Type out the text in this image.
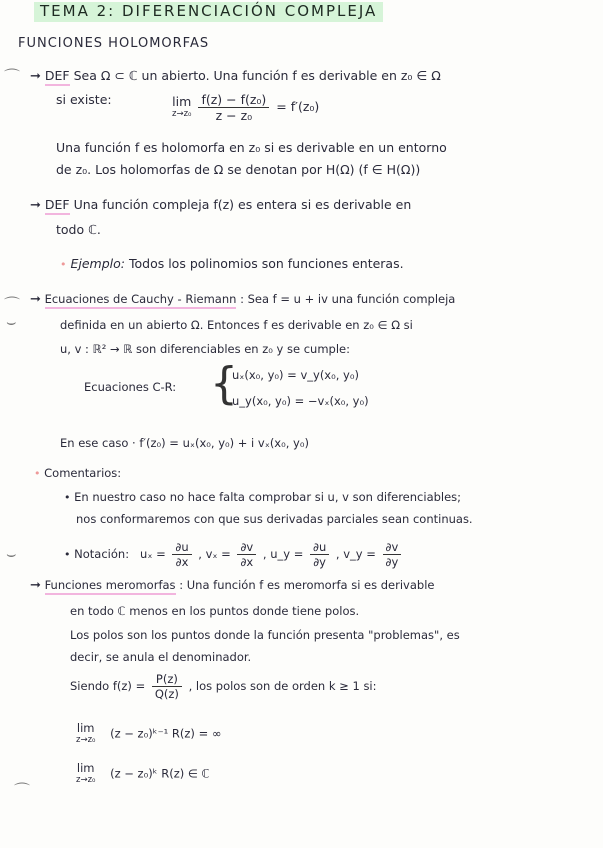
TEMA 2: DIFERENCIACIÓN COMPLEJA
FUNCIONES HOLOMORFAS
⌒ ➞ DEF Sea Ω ⊂ ℂ un abierto. Una función f es derivable en z₀ ∈ Ω
si existe:	lim
z→z₀
$\frac{\text{f(z) − f(z₀)}}{\text{z − z₀}} = f'(z_0)$
Una función f es holomorfa en z₀ si es derivable en un entorno
de z₀. Los holomorfas de Ω se denotan por H(Ω) (f ∈ H(Ω))
➞ DEF Una función compleja f(z) es entera si es derivable en
todo ℂ.
• Ejemplo: Todos los polinomios son funciones enteras.
⌒
⌣
➞ Ecuaciones de Cauchy - Riemann : Sea f = u + iv una función compleja
definida en un abierto Ω. Entonces f es derivable en z₀ ∈ Ω si
u, v : ℝ² → ℝ son diferenciables en z₀ y se cumple:
Ecuaciones C-R: {
uₓ(x₀, y₀) = v_y(x₀, y₀)
u_y(x₀, y₀) = −vₓ(x₀, y₀)
En ese caso · f′(z₀) = uₓ(x₀, y₀) + i vₓ(x₀, y₀)
• Comentarios:
• En nuestro caso no hace falta comprobar si u, v son diferenciables;
nos conformaremos con que sus derivadas parciales sean continuas.
• Notación: $u_x = \frac{\partial u}{\partial x}$ , $v_x = \frac{\partial v}{\partial x}$ , u_y = $\frac{\partial u}{\partial y}$ , v_y = $\frac{\partial v}{\partial y}$
⌣
➞ Funciones meromorfas : Una función f es meromorfa si es derivable
en todo ℂ menos en los puntos donde tiene polos.
Los polos son los puntos donde la función presenta "problemas", es
decir, se anula el denominador.
Siendo $f(z) = \frac{P(z)}{Q(z)}$ , los polos son de orden k ≥ 1 si:
lim
z→z₀ (z − z₀)ᵏ⁻¹ R(z) = ∞
lim
z→z₀ (z − z₀)ᵏ R(z) ∈ ℂ
⌒
